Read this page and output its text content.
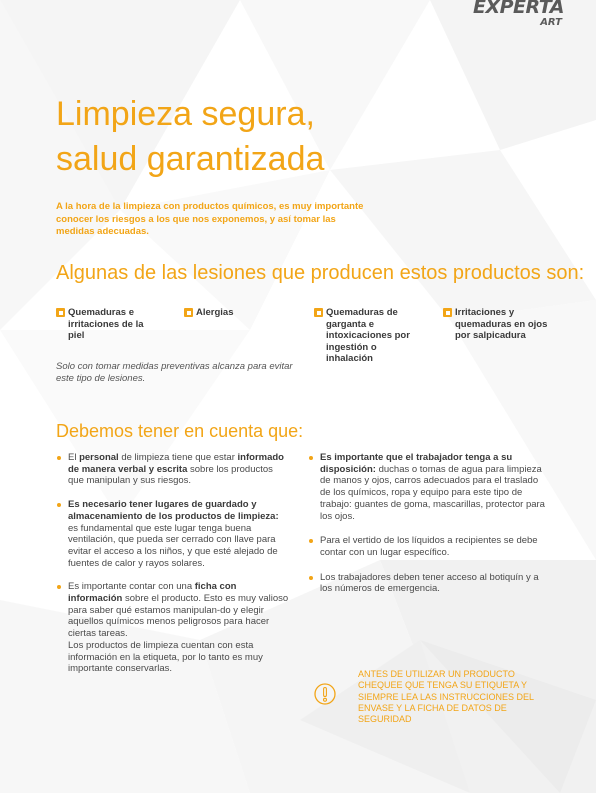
EXPERTA
ART
Limpieza segura,
salud garantizada

A la hora de la limpieza con productos químicos, es muy importante conocer los riesgos a los que nos exponemos, y así tomar las medidas adecuadas.

Algunas de las lesiones que producen estos productos son:
Quemaduras e irritaciones de la piel
Alergias	Quemaduras de garganta e intoxicaciones por ingestión o inhalación
Irritaciones y quemaduras en ojos por salpicadura

Solo con tomar medidas preventivas alcanza para evitar este tipo de lesiones.

Debemos tener en cuenta que:
El personal de limpieza tiene que estar informado de manera verbal y escrita sobre los productos que manipulan y sus riesgos.
Es necesario tener lugares de guardado y almacenamiento de los productos de limpieza: es fundamental que este lugar tenga buena ventilación, que pueda ser cerrado con llave para evitar el acceso a los niños, y que esté alejado de fuentes de calor y rayos solares.
Es importante contar con una ficha con información sobre el producto. Esto es muy valioso para saber qué estamos manipulan-do y elegir aquellos químicos menos peligrosos para hacer ciertas tareas.
Los productos de limpieza cuentan con esta información en la etiqueta, por lo tanto es muy importante conservarlas.
Es importante que el trabajador tenga a su disposición: duchas o tomas de agua para limpieza de manos y ojos, carros adecuados para el traslado de los químicos, ropa y equipo para este tipo de trabajo: guantes de goma, mascarillas, protector para los ojos.
Para el vertido de los líquidos a recipientes se debe contar con un lugar específico.
Los trabajadores deben tener acceso al botiquín y a los números de emergencia.

ANTES DE UTILIZAR UN PRODUCTO CHEQUEE QUE TENGA SU ETIQUETA Y SIEMPRE LEA LAS INSTRUCCIONES DEL ENVASE Y LA FICHA DE DATOS DE SEGURIDAD
